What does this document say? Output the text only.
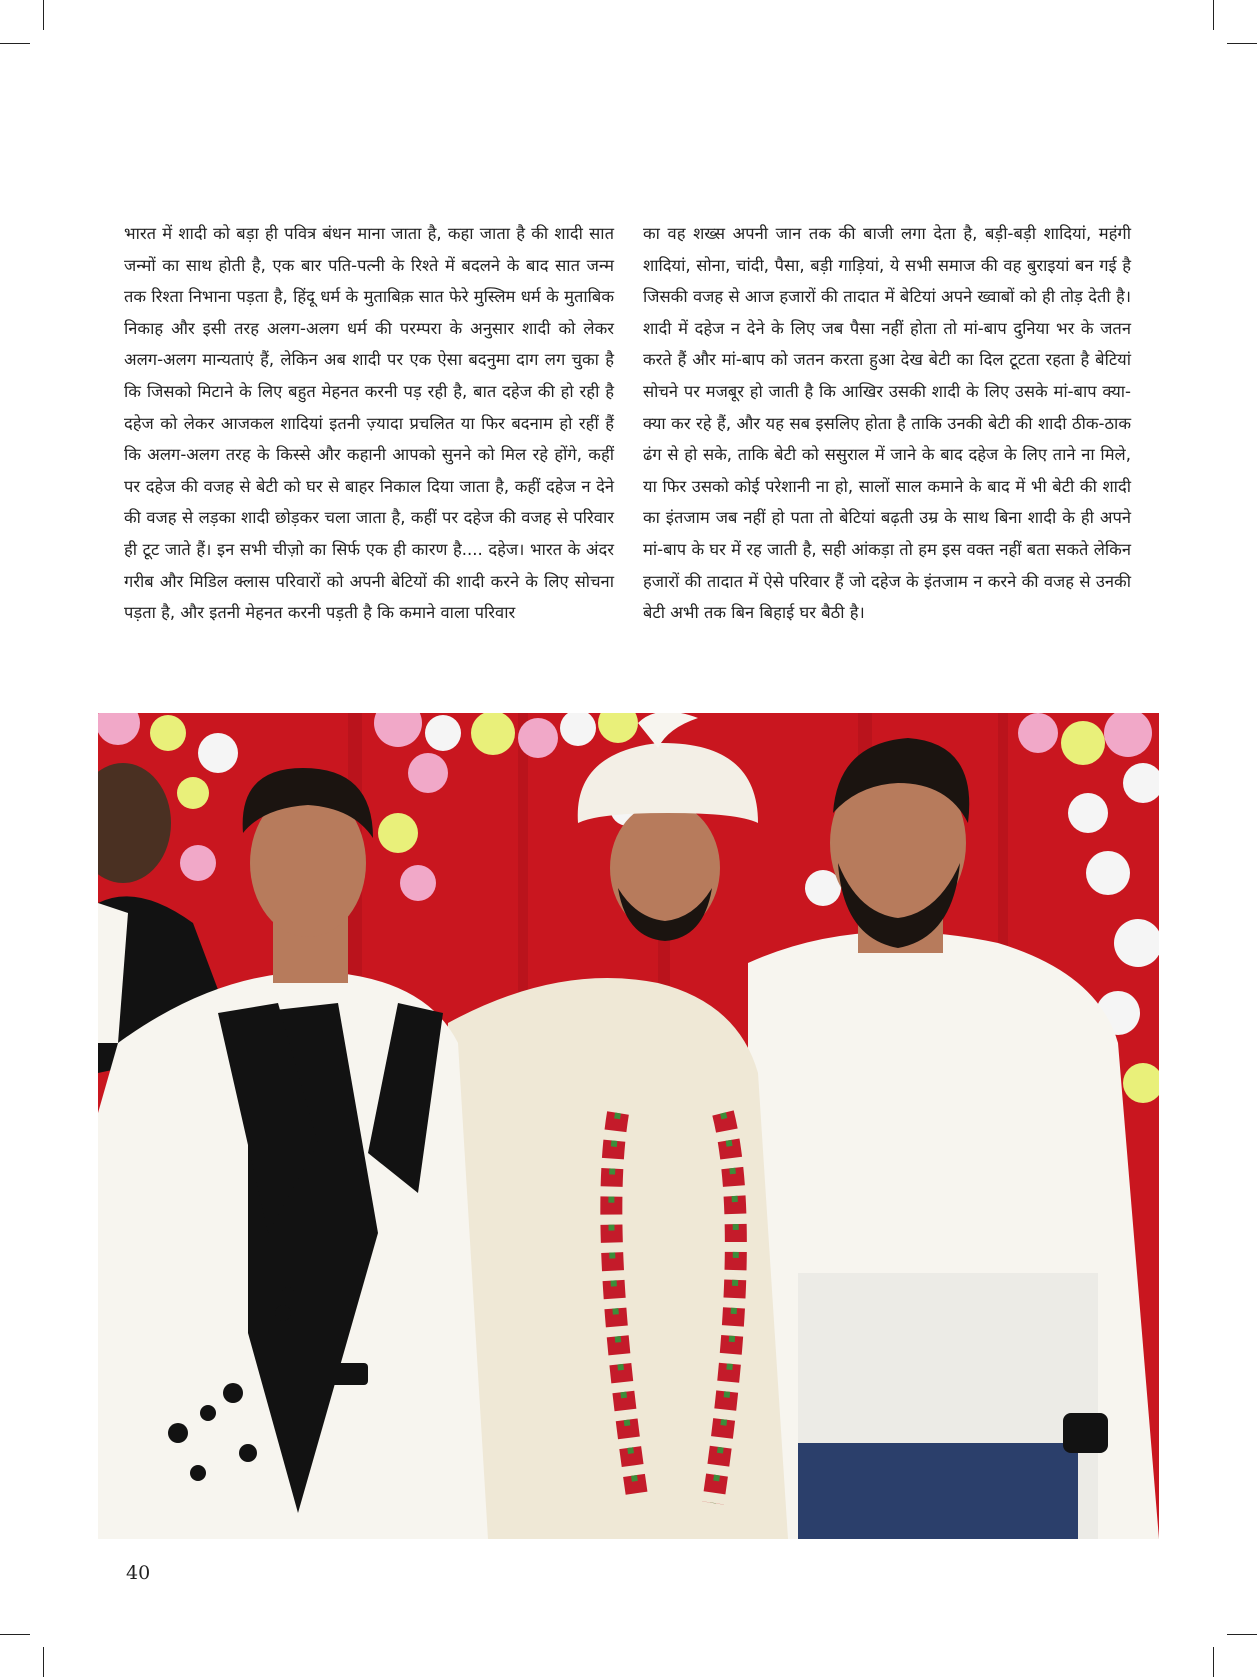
भारत में शादी को बड़ा ही पवित्र बंधन माना जाता है, कहा जाता है की शादी सात जन्मों का साथ होती है, एक बार पति-पत्नी के रिश्ते में बदलने के बाद सात जन्म तक रिश्ता निभाना पड़ता है, हिंदू धर्म के मुताबिक़ सात फेरे मुस्लिम धर्म के मुताबिक निकाह और इसी तरह अलग-अलग धर्म की परम्परा के अनुसार शादी को लेकर अलग-अलग मान्यताएं हैं, लेकिन अब शादी पर एक ऐसा बदनुमा दाग लग चुका है कि जिसको मिटाने के लिए बहुत मेहनत करनी पड़ रही है, बात दहेज की हो रही है दहेज को लेकर आजकल शादियां इतनी ज़्यादा प्रचलित या फिर बदनाम हो रहीं हैं कि अलग-अलग तरह के किस्से और कहानी आपको सुनने को मिल रहे होंगे, कहीं पर दहेज की वजह से बेटी को घर से बाहर निकाल दिया जाता है, कहीं दहेज न देने की वजह से लड़का शादी छोड़कर चला जाता है, कहीं पर दहेज की वजह से परिवार ही टूट जाते हैं। इन सभी चीज़ो का सिर्फ एक ही कारण है.... दहेज। भारत के अंदर गरीब और मिडिल क्लास परिवारों को अपनी बेटियों की शादी करने के लिए सोचना पड़ता है, और इतनी मेहनत करनी पड़ती है कि कमाने वाला परिवार

का वह शख्स अपनी जान तक की बाजी लगा देता है, बड़ी-बड़ी शादियां, महंगी शादियां, सोना, चांदी, पैसा, बड़ी गाड़ियां, ये सभी समाज की वह बुराइयां बन गई है जिसकी वजह से आज हजारों की तादात में बेटियां अपने ख्वाबों को ही तोड़ देती है। शादी में दहेज न देने के लिए जब पैसा नहीं होता तो मां-बाप दुनिया भर के जतन करते हैं और मां-बाप को जतन करता हुआ देख बेटी का दिल टूटता रहता है बेटियां सोचने पर मजबूर हो जाती है कि आखिर उसकी शादी के लिए उसके मां-बाप क्या-क्या कर रहे हैं, और यह सब इसलिए होता है ताकि उनकी बेटी की शादी ठीक-ठाक ढंग से हो सके, ताकि बेटी को ससुराल में जाने के बाद दहेज के लिए ताने ना मिले, या फिर उसको कोई परेशानी ना हो, सालों साल कमाने के बाद में भी बेटी की शादी का इंतजाम जब नहीं हो पता तो बेटियां बढ़ती उम्र के साथ बिना शादी के ही अपने मां-बाप के घर में रह जाती है, सही आंकड़ा तो हम इस वक्त नहीं बता सकते लेकिन हजारों की तादात में ऐसे परिवार हैं जो दहेज के इंतजाम न करने की वजह से उनकी बेटी अभी तक बिन बिहाई घर बैठी है।

40
